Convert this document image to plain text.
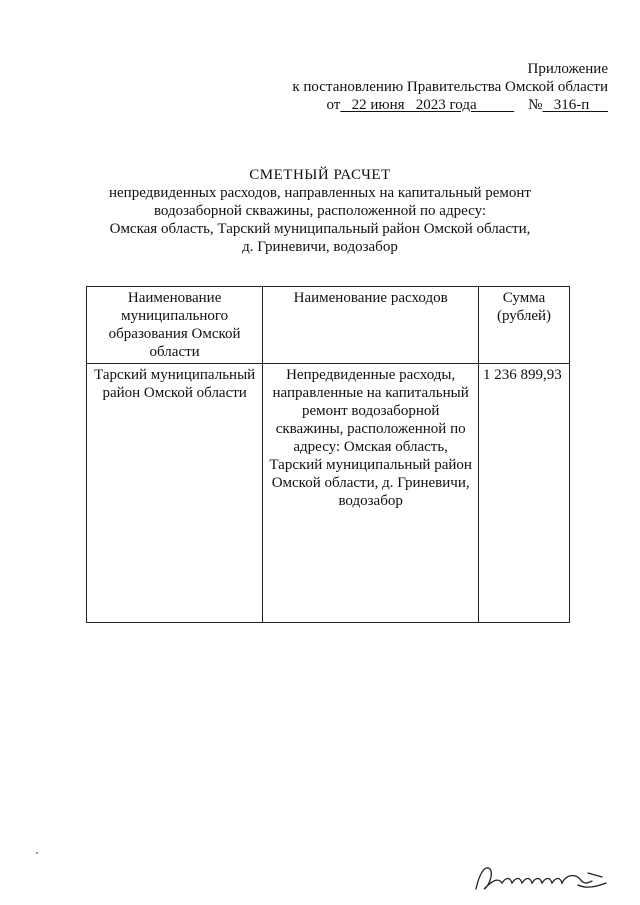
Приложение
к постановлению Правительства Омской области
от 22 июня   2023 года № 316-п
СМЕТНЫЙ РАСЧЕТ
непредвиденных расходов, направленных на капитальный ремонт
водозаборной скважины, расположенной по адресу:
Омская область, Тарский муниципальный район Омской области,
д. Гриневичи, водозабор
Наименование муниципального образования Омской области	Наименование расходов	Сумма (рублей)
Тарский муниципальный район Омской области	Непредвиденные расходы, направленные на капитальный ремонт водозаборной скважины, расположенной по адресу: Омская область, Тарский муниципальный район Омской области, д. Гриневичи, водозабор	1 236 899,93
